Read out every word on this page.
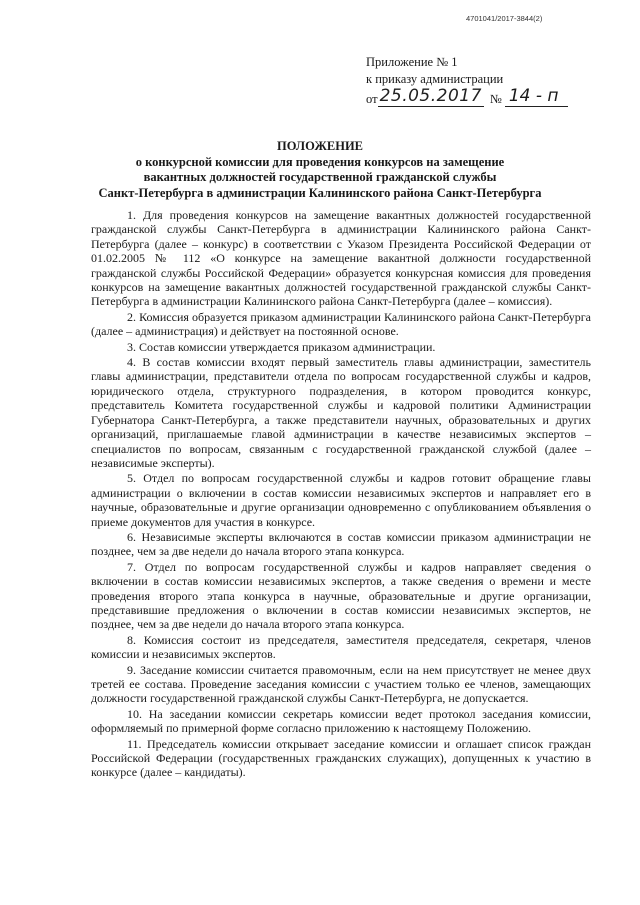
4701041/2017-3844(2)
Приложение № 1
к приказу администрации
от 25.05.2017 № 14 - п
ПОЛОЖЕНИЕ
о конкурсной комиссии для проведения конкурсов на замещение
вакантных должностей государственной гражданской службы
Санкт-Петербурга в администрации Калининского района Санкт-Петербурга

1. Для проведения конкурсов на замещение вакантных должностей государственной гражданской службы Санкт-Петербурга в администрации Калининского района Санкт-Петербурга (далее – конкурс) в соответствии с Указом Президента Российской Федерации от 01.02.2005 № 112 «О конкурсе на замещение вакантной должности государственной гражданской службы Российской Федерации» образуется конкурсная комиссия для проведения конкурсов на замещение вакантных должностей государственной гражданской службы Санкт-Петербурга в администрации Калининского района Санкт-Петербурга (далее – комиссия).

2. Комиссия образуется приказом администрации Калининского района Санкт-Петербурга (далее – администрация) и действует на постоянной основе.

3. Состав комиссии утверждается приказом администрации.

4. В состав комиссии входят первый заместитель главы администрации, заместитель главы администрации, представители отдела по вопросам государственной службы и кадров, юридического отдела, структурного подразделения, в котором проводится конкурс, представитель Комитета государственной службы и кадровой политики Администрации Губернатора Санкт-Петербурга, а также представители научных, образовательных и других организаций, приглашаемые главой администрации в качестве независимых экспертов – специалистов по вопросам, связанным с государственной гражданской службой (далее – независимые эксперты).

5. Отдел по вопросам государственной службы и кадров готовит обращение главы администрации о включении в состав комиссии независимых экспертов и направляет его в научные, образовательные и другие организации одновременно с опубликованием объявления о приеме документов для участия в конкурсе.

6. Независимые эксперты включаются в состав комиссии приказом администрации не позднее, чем за две недели до начала второго этапа конкурса.

7. Отдел по вопросам государственной службы и кадров направляет сведения о включении в состав комиссии независимых экспертов, а также сведения о времени и месте проведения второго этапа конкурса в научные, образовательные и другие организации, представившие предложения о включении в состав комиссии независимых экспертов, не позднее, чем за две недели до начала второго этапа конкурса.

8. Комиссия состоит из председателя, заместителя председателя, секретаря, членов комиссии и независимых экспертов.

9. Заседание комиссии считается правомочным, если на нем присутствует не менее двух третей ее состава. Проведение заседания комиссии с участием только ее членов, замещающих должности государственной гражданской службы Санкт-Петербурга, не допускается.

10. На заседании комиссии секретарь комиссии ведет протокол заседания комиссии, оформляемый по примерной форме согласно приложению к настоящему Положению.

11. Председатель комиссии открывает заседание комиссии и оглашает список граждан Российской Федерации (государственных гражданских служащих), допущенных к участию в конкурсе (далее – кандидаты).
